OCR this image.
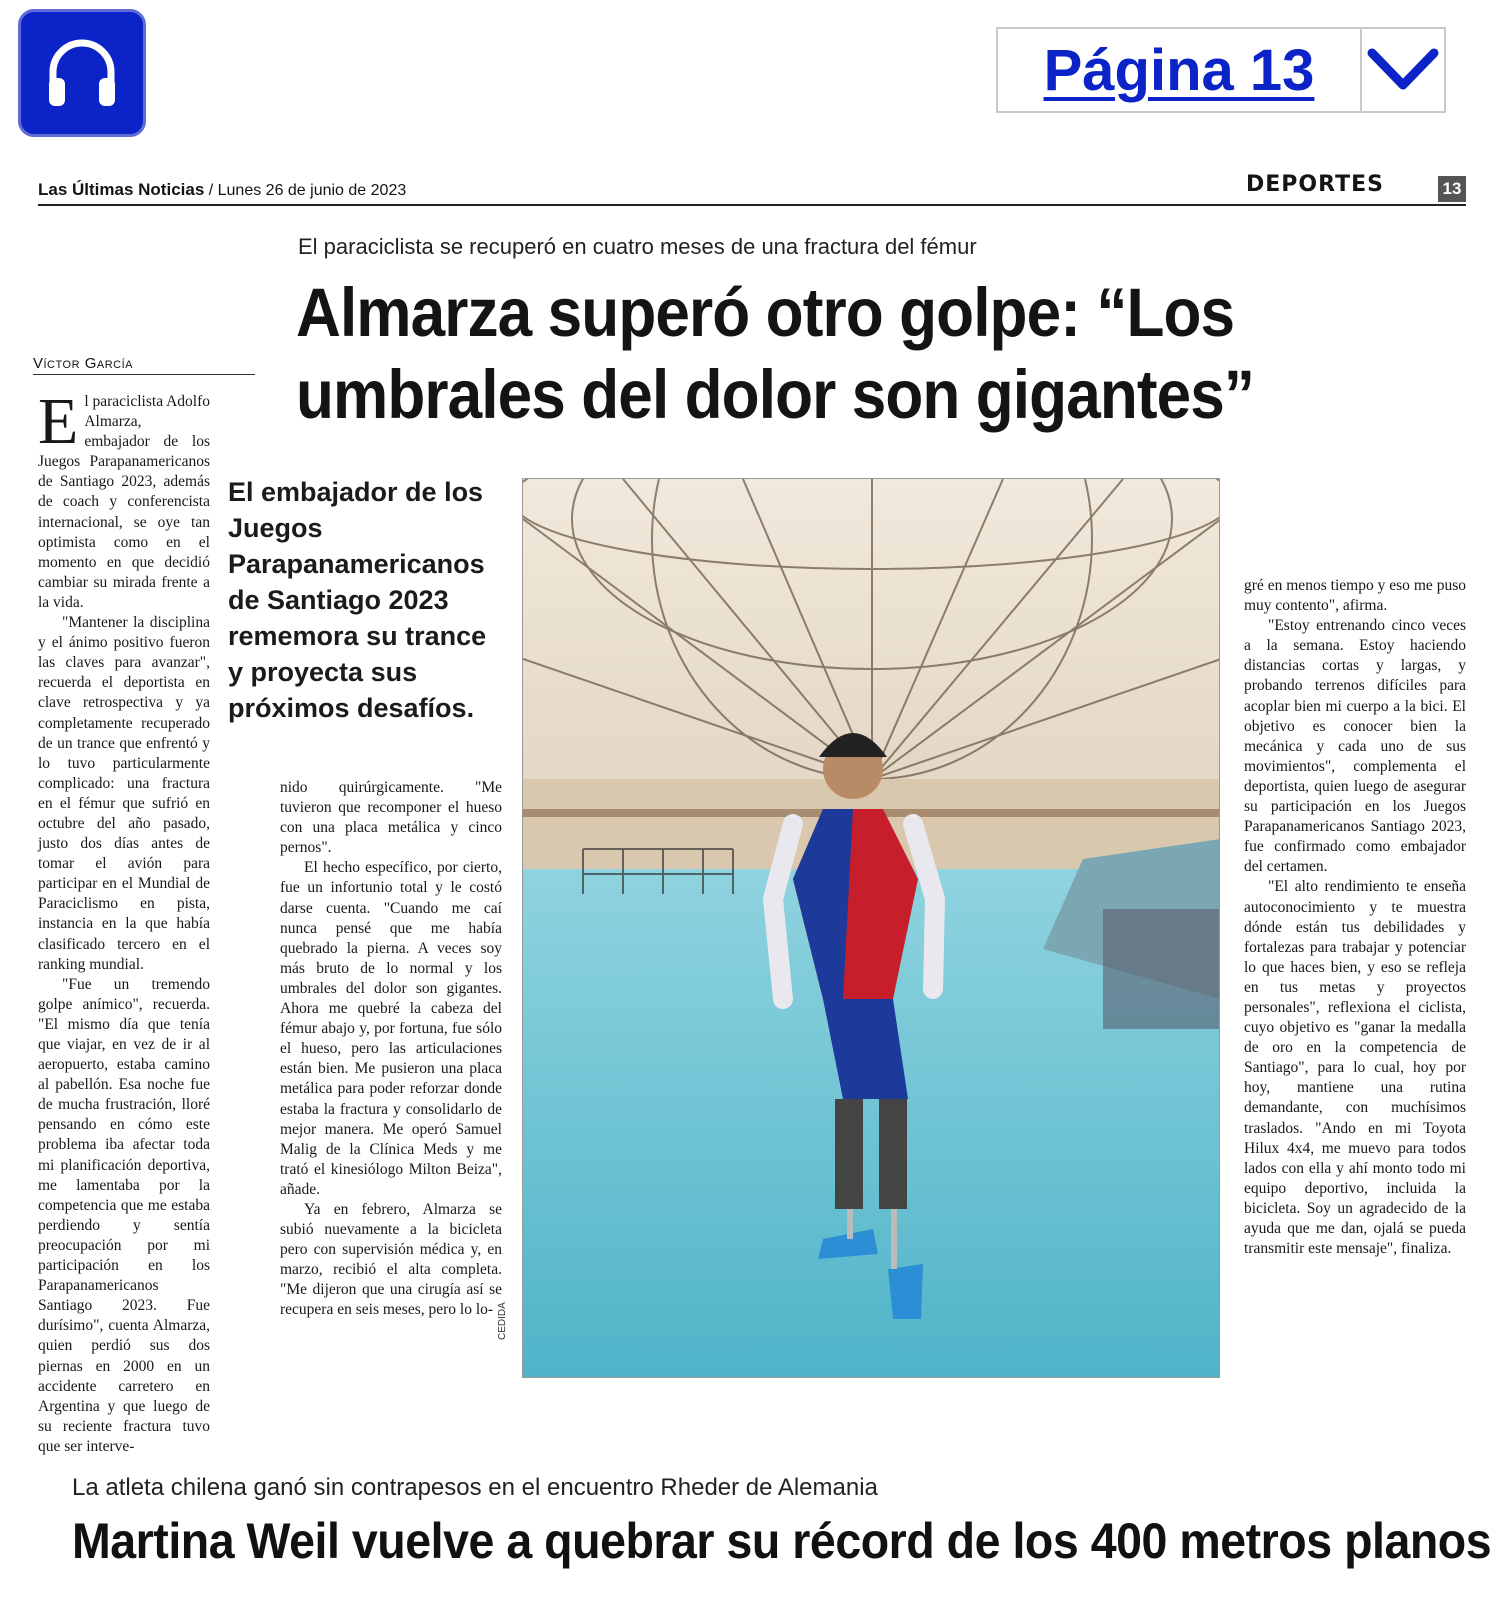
Página 13
Las Últimas Noticias / Lunes 26 de junio de 2023	DEPORTES	13
El paraciclista se recuperó en cuatro meses de una fractura del fémur
Almarza superó otro golpe: “Los umbrales del dolor son gigantes”
Víctor García

El paraciclista Adolfo Almarza, embajador de los Juegos Parapanamericanos de Santiago 2023, además de coach y conferencista internacional, se oye tan optimista como en el momento en que decidió cambiar su mirada frente a la vida.

"Mantener la disciplina y el ánimo positivo fueron las claves para avanzar", recuerda el deportista en clave retrospectiva y ya completamente recuperado de un trance que enfrentó y lo tuvo particularmente complicado: una fractura en el fémur que sufrió en octubre del año pasado, justo dos días antes de tomar el avión para participar en el Mundial de Paraciclismo en pista, instancia en la que había clasificado tercero en el ranking mundial.

"Fue un tremendo golpe anímico", recuerda. "El mismo día que tenía que viajar, en vez de ir al aeropuerto, estaba camino al pabellón. Esa noche fue de mucha frustración, lloré pensando en cómo este problema iba afectar toda mi planificación deportiva, me lamentaba por la competencia que me estaba perdiendo y sentía preocupación por mi participación en los Parapanamericanos Santiago 2023. Fue durísimo", cuenta Almarza, quien perdió sus dos piernas en 2000 en un accidente carretero en Argentina y que luego de su reciente fractura tuvo que ser interve-

El embajador de los Juegos Parapanamericanos de Santiago 2023 rememora su trance y proyecta sus próximos desafíos.

nido quirúrgicamente. "Me tuvieron que recomponer el hueso con una placa metálica y cinco pernos".

El hecho específico, por cierto, fue un infortunio total y le costó darse cuenta. "Cuando me caí nunca pensé que me había quebrado la pierna. A veces soy más bruto de lo normal y los umbrales del dolor son gigantes. Ahora me quebré la cabeza del fémur abajo y, por fortuna, fue sólo el hueso, pero las articulaciones están bien. Me pusieron una placa metálica para poder reforzar donde estaba la fractura y consolidarlo de mejor manera. Me operó Samuel Malig de la Clínica Meds y me trató el kinesiólogo Milton Beiza", añade.

Ya en febrero, Almarza se subió nuevamente a la bicicleta pero con supervisión médica y, en marzo, recibió el alta completa. "Me dijeron que una cirugía así se recupera en seis meses, pero lo lo- CEDIDA

gré en menos tiempo y eso me puso muy contento", afirma.

"Estoy entrenando cinco veces a la semana. Estoy haciendo distancias cortas y largas, y probando terrenos difíciles para acoplar bien mi cuerpo a la bici. El objetivo es conocer bien la mecánica y cada uno de sus movimientos", complementa el deportista, quien luego de asegurar su participación en los Juegos Parapanamericanos Santiago 2023, fue confirmado como embajador del certamen.

"El alto rendimiento te enseña autoconocimiento y te muestra dónde están tus debilidades y fortalezas para trabajar y potenciar lo que haces bien, y eso se refleja en tus metas y proyectos personales", reflexiona el ciclista, cuyo objetivo es "ganar la medalla de oro en la competencia de Santiago", para lo cual, hoy por hoy, mantiene una rutina demandante, con muchísimos traslados. "Ando en mi Toyota Hilux 4x4, me muevo para todos lados con ella y ahí monto todo mi equipo deportivo, incluida la bicicleta. Soy un agradecido de la ayuda que me dan, ojalá se pueda transmitir este mensaje", finaliza.

La atleta chilena ganó sin contrapesos en el encuentro Rheder de Alemania
Martina Weil vuelve a quebrar su récord de los 400 metros planos
